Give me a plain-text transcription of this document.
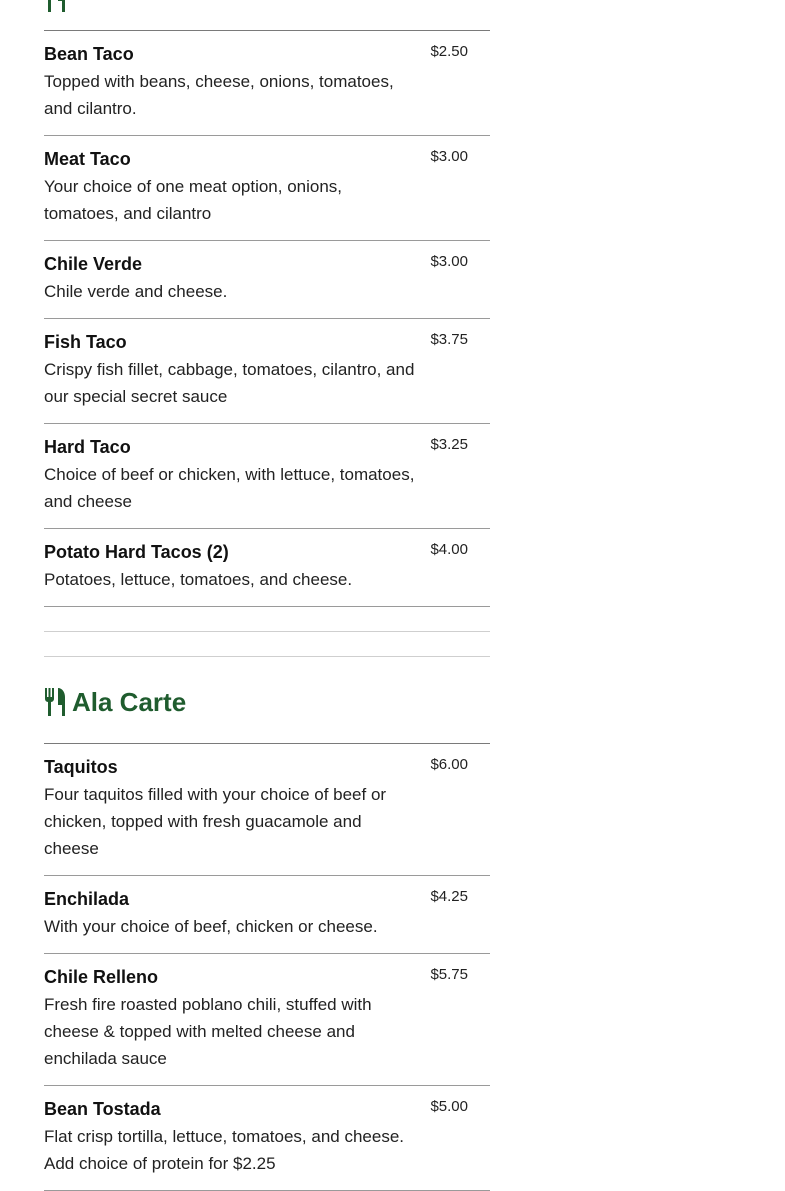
Bean Taco
Topped with beans, cheese, onions, tomatoes, and cilantro.
$2.50
Meat Taco
Your choice of one meat option, onions, tomatoes, and cilantro
$3.00
Chile Verde
Chile verde and cheese.
$3.00
Fish Taco
Crispy fish fillet, cabbage, tomatoes, cilantro, and our special secret sauce
$3.75
Hard Taco
Choice of beef or chicken, with lettuce, tomatoes, and cheese
$3.25
Potato Hard Tacos (2)
Potatoes, lettuce, tomatoes, and cheese.
$4.00
Ala Carte
Taquitos
Four taquitos filled with your choice of beef or chicken, topped with fresh guacamole and cheese
$6.00
Enchilada
With your choice of beef, chicken or cheese.
$4.25
Chile Relleno
Fresh fire roasted poblano chili, stuffed with cheese & topped with melted cheese and enchilada sauce
$5.75
Bean Tostada
Flat crisp tortilla, lettuce, tomatoes, and cheese. Add choice of protein for $2.25
$5.00
